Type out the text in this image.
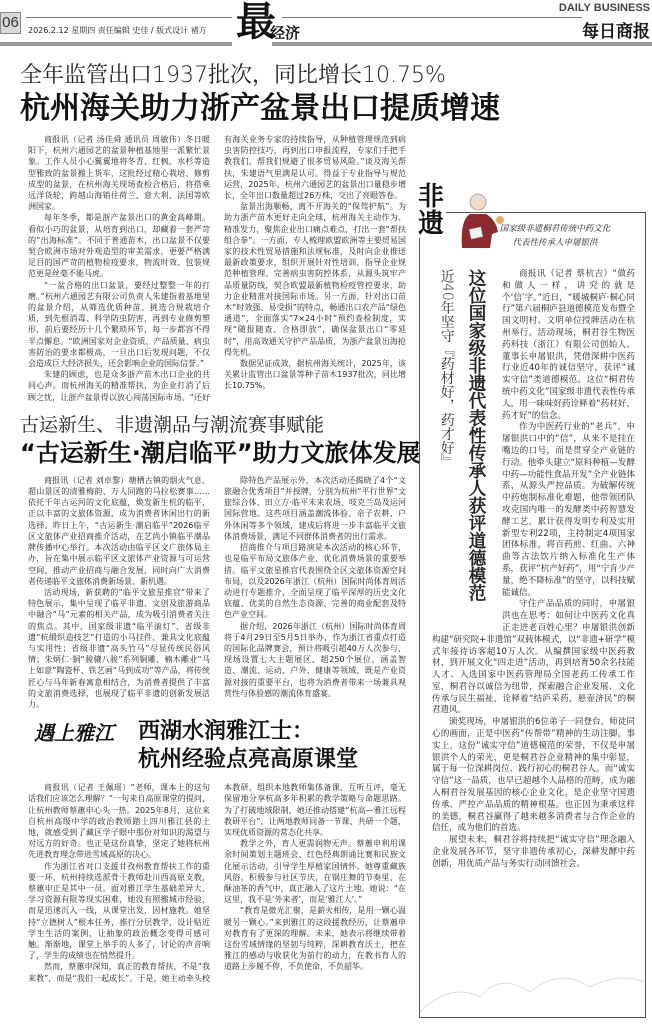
06 2026.2.12 星期四 责任编辑 史佳 / 版式设计 褚方 最
经济
DAILY BUSINESS
每日商报
全年监管出口1937批次，同比增长10.75%
杭州海关助力浙产盆景出口提质增速

商报讯（记者 汤佳舜 通讯员 周敏伟）冬日暖阳下，杭州六通园艺的盆景种植基地里一派繁忙景象。工作人员小心翼翼地将冬青、红枫、水杉等造型雅致的盆景搬上货车，这批经过精心栽培、修剪成型的盆景，在杭州海关现场查检合格后，将搭乘远洋货轮，跨越山海销往荷兰、意大利、法国等欧洲国家。

每年冬季，都是浙产盆景出口的黄金高峰期。看似小巧的盆景，从培育到出口，却藏着一套严苛的“出海标准”。不同于普通苗木，出口盆景不仅要契合欧洲市场对外观造型的审美需求，更要严格满足目的国严苛的植物检疫要求，物流时效、包装规范更是丝毫不能马虎。

“一盆合格的出口盆景，要经过整整一年的打磨。”杭州六通园艺有限公司负责人朱建指着基地里的盆景介绍，从筛选优质种苗、挑选合规栽培介质，到先根消毒、科学防虫防害，再到专业修剪塑形，前后要经历十几个繁琐环节，每一步都容不得半点懈怠。“欧洲国家对企业资质、产品质量、病虫害防治的要求都极高，一旦出口后发现问题，不仅会造成巨大经济损失，还会影响企业的国际信誉。”

朱建的顾虑，也是众多浙产苗木出口企业的共同心声。而杭州海关的精准帮扶，为企业打消了后顾之忧，让浙产盆景得以放心闯荡国际市场。“还好有海关业务专家的持续指导，从种植管理规范到病虫害防控技巧，再到出口申报流程，专家们手把手教我们，帮我们规避了很多贸易风险。”谈及海关帮扶，朱建语气里满是认可。得益于专业指导与规范运营，2025年，杭州六通园艺的盆景出口量稳步增长，全年出口数量超过26万株，交出了亮眼答卷。

盆景出海顺畅，离不开海关的“保驾护航”。为助力浙产苗木更好走向全球，杭州海关主动作为、精准发力，聚焦企业出口痛点难点，打出一套“帮扶组合拳”。一方面，专人梳理欧盟欧洲等主要贸易国家的技术性贸易措施和法规标准，及时向企业推送最新政策要求，组织开展针对性培训，指导企业规范种植管理、完善病虫害防控体系，从源头筑牢产品质量防线，契合欧盟最新植物检疫管控要求，助力企业精准对接国际市场。另一方面，针对出口苗木“时效强、易受损”的特点，畅通出口农产品“绿色通道”，全面落实“7×24小时”预约查检制度，实现“随报随查、合格即放”，确保盆景出口“零延时”，用高效通关守护产品品质，为浙产盆景出海抢得先机。

数据见证成效，据杭州海关统计，2025年，该关累计监管出口盆景等种子苗木1937批次，同比增长10.75%。

古运新生、非遗潮品与潮流赛事赋能
“古运新生·潮启临平”助力文旅体发展

商报讯（记者 刘卓黎）塘栖古镇的烟火气息、超山景区的清雅梅韵、万人同跑的马拉松赛事……依托千年古运河的文化底蕴，焕发新生机的临平，正以丰富的文旅体资源，成为消费者休闲出行的新选择。昨日上午，“古运新生·潮启临平”2026临平区文旅体产业招商推介活动，在艺尚小镇临平潮品牌传播中心举行。本次活动由临平区文广旅体局主办，旨在集中展示临平区文旅体产业资源与可运营空间，推动产业招商与融合发展，同时向广大消费者传递临平文旅体消费新场景、新机遇。

活动现场，新获聘的“临平文旅星推官”带来了特色展示，集中呈现了临平非遗、文创及旅游商品中融合“马”元素的相关产品，成为吸引消费者关注的焦点。其中，国家级非遗“临平滚灯”、省级非遗“杭缎织造技艺”打造的小马挂件，兼具文化底蕴与实用性；省级非遗“高头竹马”尽显传统民俗风情；朱炳仁·铜“骏骧八骏”系列铜雕、楠木雕业“马上如意”陶瓷杯、铁艺画“马到成功”等产品，将传统匠心与马年新春寓意相结合，为消费者提供了丰富的文旅消费选择，也展现了临平非遗的创新发展活力。

除特色产品展示外，本次活动还揭晓了4个“文旅融合优秀项目”并授牌，分别为杭州“平行世界”文旅综合体、田立方·临平未来农场、吱克兰岛及运河国际营地。这些项目涵盖潮流体验、亲子农耕、户外休闲等多个领域，建成后将进一步丰富临平文旅体消费场景，满足不同群体消费者的出行需求。

招商推介与项目路演是本次活动的核心环节，也是临平布局文旅体产业、优化消费场景的重要举措。临平文旅星推官代表围绕全区文旅体资源空间布局，以及2026年浙江（杭州）国际时尚体育周活动进行专题推介，全面呈现了临平深厚的历史文化底蕴、优美的自然生态资源、完善的商业配套及特色产业空间。

据介绍，2026年浙江（杭州）国际时尚体育周将于4月29日至5月5日举办，作为浙江省重点打造的国际化品牌赛会，预计将吸引超40万人次参与，现场设置七大主题展区、超250个展位，涵盖智造、潮流、运动、户外、健康等领域，既是产业资源对接的重要平台，也将为消费者带来一场兼具观赏性与体验感的潮流体育盛宴。

遇上雅江	西湖水润雅江士：
杭州经验点亮高原课堂

商报讯（记者 王佩瑶）“老师，课本上的这句话我们应该怎么理解？”一句来自高原课堂的提问，让杭州教师蔡蕙申心头一热。2025年8月，这位来自杭州高级中学的政治教师踏上四川雅江县的土地，就感受到了藏区学子眼中那份对知识的渴望与对远方的好奇。也正是这份真挚，坚定了她将杭州先进教育理念带进雪域高原的决心。

作为浙江省对口支援甘孜州教育帮扶工作的重要一环，杭州持续选派骨干教师赴川西高原支教，蔡蕙申正是其中一员。面对雅江学生基础差异大、学习资源有限等现实困难，她没有照搬城市经验，而是迅速沉入一线，从课堂出发，因材施教。她坚持“立德树人”根本任务，推行分层教学，设计贴近学生生活的案例，让抽象的政治概念变得可感可触。渐渐地，课堂上举手的人多了，讨论的声音响了，学生的成绩也在悄然提升。

然而，蔡蕙申深知，真正的教育帮扶，不是“我来教”，而是“我们一起成长”。于是，她主动牵头校本教研，组织本地教师集体备课、互听互评，毫无保留地分享杭高多年积累的教学策略与命题思路。为了打破地域限制，她还推动搭建“杭高—雅江远程教研平台”，让两地教师同备一节课、共研一个题，实现优质资源的常态化共享。

教学之外，育人更需润物无声。蔡蕙申利用课余时间策划主题班会、红色经典朗诵比赛和民族文化展示活动，引导学生厚植家国情怀。她尊重藏族风俗，积极参与社区节庆，在锅庄舞的节奏里、在酥油茶的香气中，真正融入了这片土地。她说：“在这里，我不是‘外来者’，而是‘雅江人’。”

“教育是微光汇聚，是薪火相传，是用一颗心温暖另一颗心。”来到雅江的这段援教经历，让蔡蕙申对教育有了更深的理解。未来，她表示将继续带着这份雪域情缘的坚韧与纯粹，深耕教育沃土，把在雅江的感动与收获化为前行的动力，在教书育人的道路上步履不停，不负使命，不负韶华。

非遗
这位国家级非遗代表性传承人获评道德模范
近40年坚守『药材好，药才好』	商报讯（记者 蔡杭吉）“做药和做人一样，讲究的就是个‘信’字。”近日，“暖城桐庐·桐心同行”第六届桐庐县道德模范发布暨全国文明村、文明单位授牌活动在杭州举行。活动现场，桐君谷生物医药科技（浙江）有限公司创始人、董事长申屠银洪，凭借深耕中医药行业近40年的诚信坚守，获评“诚实守信”类道德模范。这位“桐君传统中药文化”国家级非遗代表性传承人，用一味味好药诠释着“药材好，药才好”的信念。

作为中医药行业的“老兵”，申屠银洪口中的“信”，从来不是挂在嘴边的口号，而是贯穿全产业链的行动。他牵头建立“原料种植—发酵中药—功能性食品开发”全产业链体系，从源头严控品质。为破解传统中药炮制标准化难题，他带领团队攻克国内唯一的发酵类中药智慧发酵工艺，累计获得发明专利及实用新型专利22项，主持制定4项国家团体标准，将百药煎、红曲、六神曲等古法饮片纳入标准化生产体系，获评“杭产好药”，用“宁肯少产量，绝不降标准”的坚守，以科技赋能诚信。

守住产品品质的同时，申屠银洪也在思考：如何让中医药文化真正走进老百姓心里？申屠银洪创新构建“研究院+非遗馆”双载体模式，以“非遗+研学”模式年接待访客超10万人次。从编撰国家级中医药教材，到开展文化“四走进”活动，再到培育50余名技能人才、入选国家中医药管理局全国老药工传承工作室，桐君谷以诚信为纽带，探索融合企业发展、文化传承与民生福祉，诠释着“结庐采药，悬壶济民”的桐君遗风。

颁奖现场，申屠银洪的6位弟子一同登台，师徒同心的画面，正是中医药“传帮带”精神的生动注脚。事实上，这份“诚实守信”道德模范的荣誉，不仅是申屠银洪个人的荣光，更是桐君谷企业精神的集中彰显，属于每一位深耕岗位、践行初心的桐君谷人。而“诚实守信”这一品质，也早已超越个人品格的范畴，成为融入桐君谷发展基因的核心企业文化，是企业坚守国遗传承、严控产品品质的精神根基。也正因为秉承这样的美德，桐君谷赢得了越来越多消费者与合作企业的信任，成为他们的首选。

展望未来，桐君谷将持续把“诚实守信”理念融入企业发展各环节，坚守非遗传承初心，深耕发酵中药创新，用优质产品与务实行动回馈社会。

国家级非遗桐君传统中药文化
代表性传承人申屠银洪
